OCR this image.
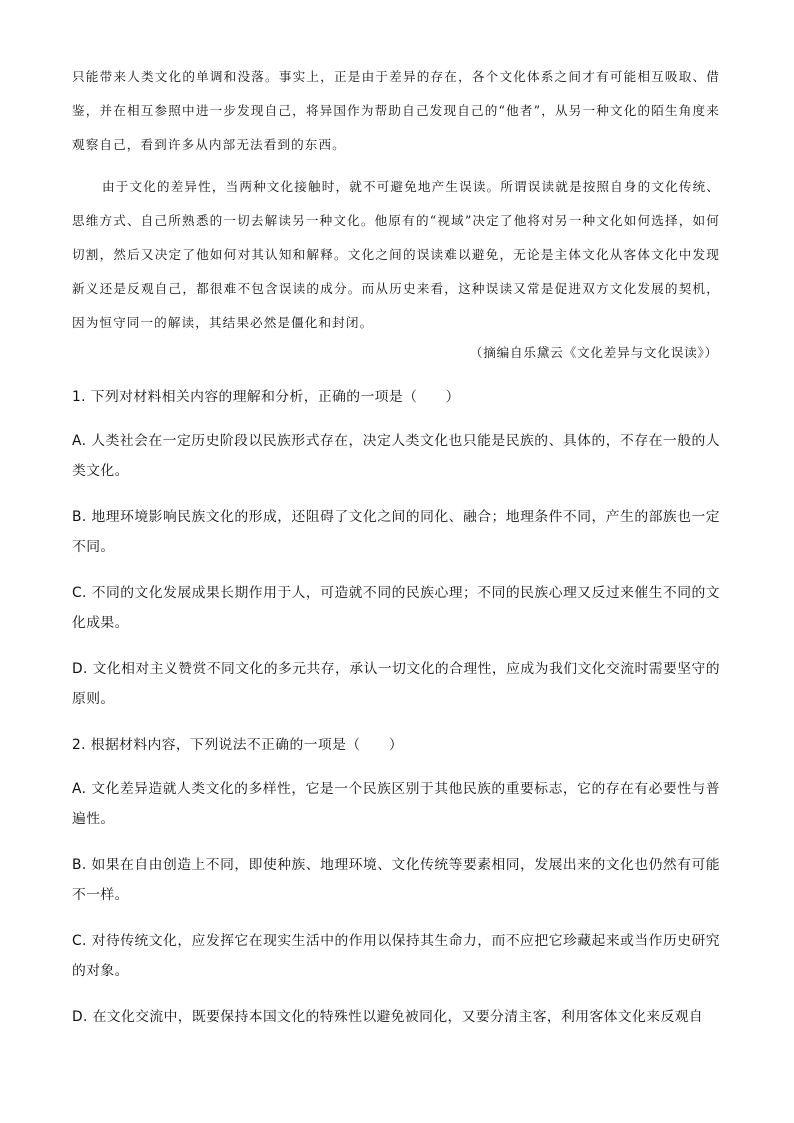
只能带来人类文化的单调和没落。事实上，正是由于差异的存在，各个文化体系之间才有可能相互吸取、借鉴，并在相互参照中进一步发现自己，将异国作为帮助自己发现自己的“他者”，从另一种文化的陌生角度来观察自己，看到许多从内部无法看到的东西。

由于文化的差异性，当两种文化接触时，就不可避免地产生误读。所谓误读就是按照自身的文化传统、思维方式、自己所熟悉的一切去解读另一种文化。他原有的“视域”决定了他将对另一种文化如何选择，如何切割，然后又决定了他如何对其认知和解释。文化之间的误读难以避免，无论是主体文化从客体文化中发现新义还是反观自己，都很难不包含误读的成分。而从历史来看，这种误读又常是促进双方文化发展的契机，因为恒守同一的解读，其结果必然是僵化和封闭。

（摘编自乐黛云《文化差异与文化误读》）

1. 下列对材料相关内容的理解和分析，正确的一项是（　　）

A. 人类社会在一定历史阶段以民族形式存在，决定人类文化也只能是民族的、具体的，不存在一般的人类文化。

B. 地理环境影响民族文化的形成，还阻碍了文化之间的同化、融合；地理条件不同，产生的部族也一定不同。

C. 不同的文化发展成果长期作用于人，可造就不同的民族心理；不同的民族心理又反过来催生不同的文化成果。

D. 文化相对主义赞赏不同文化的多元共存，承认一切文化的合理性，应成为我们文化交流时需要坚守的原则。

2. 根据材料内容，下列说法不正确的一项是（　　）

A. 文化差异造就人类文化的多样性，它是一个民族区别于其他民族的重要标志，它的存在有必要性与普遍性。

B. 如果在自由创造上不同，即使种族、地理环境、文化传统等要素相同，发展出来的文化也仍然有可能不一样。

C. 对待传统文化，应发挥它在现实生活中的作用以保持其生命力，而不应把它珍藏起来或当作历史研究的对象。

D. 在文化交流中，既要保持本国文化的特殊性以避免被同化，又要分清主客，利用客体文化来反观自
